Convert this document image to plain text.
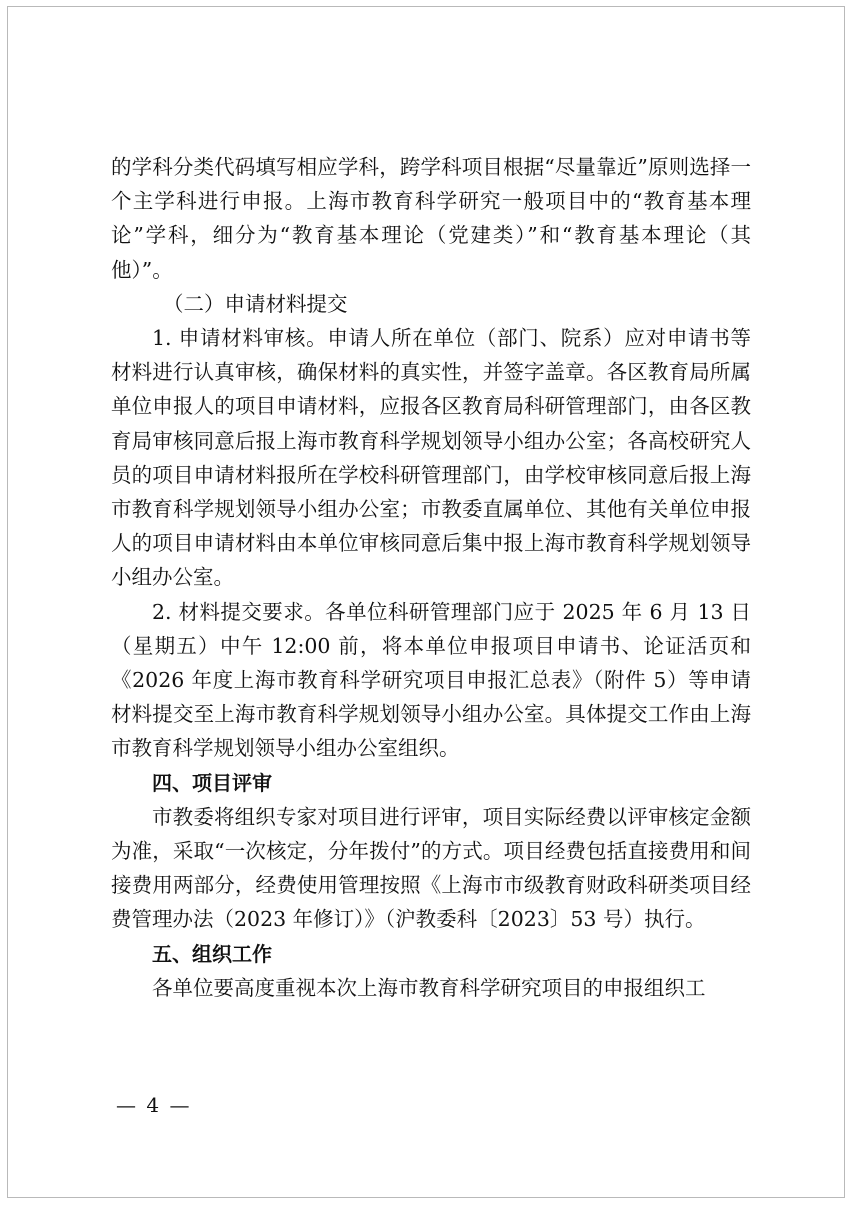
的学科分类代码填写相应学科，跨学科项目根据“尽量靠近”原则选择一个主学科进行申报。上海市教育科学研究一般项目中的“教育基本理论”学科，细分为“教育基本理论（党建类）”和“教育基本理论（其他）”。

（二）申请材料提交

1. 申请材料审核。申请人所在单位（部门、院系）应对申请书等材料进行认真审核，确保材料的真实性，并签字盖章。各区教育局所属单位申报人的项目申请材料，应报各区教育局科研管理部门，由各区教育局审核同意后报上海市教育科学规划领导小组办公室；各高校研究人员的项目申请材料报所在学校科研管理部门，由学校审核同意后报上海市教育科学规划领导小组办公室；市教委直属单位、其他有关单位申报人的项目申请材料由本单位审核同意后集中报上海市教育科学规划领导小组办公室。

2. 材料提交要求。各单位科研管理部门应于 2025 年 6 月 13 日（星期五）中午 12:00 前，将本单位申报项目申请书、论证活页和《2026 年度上海市教育科学研究项目申报汇总表》（附件 5）等申请材料提交至上海市教育科学规划领导小组办公室。具体提交工作由上海市教育科学规划领导小组办公室组织。

四、项目评审

市教委将组织专家对项目进行评审，项目实际经费以评审核定金额为准，采取“一次核定，分年拨付”的方式。项目经费包括直接费用和间接费用两部分，经费使用管理按照《上海市市级教育财政科研类项目经费管理办法（2023 年修订）》（沪教委科〔2023〕53 号）执行。

五、组织工作

各单位要高度重视本次上海市教育科学研究项目的申报组织工

— 4 —
